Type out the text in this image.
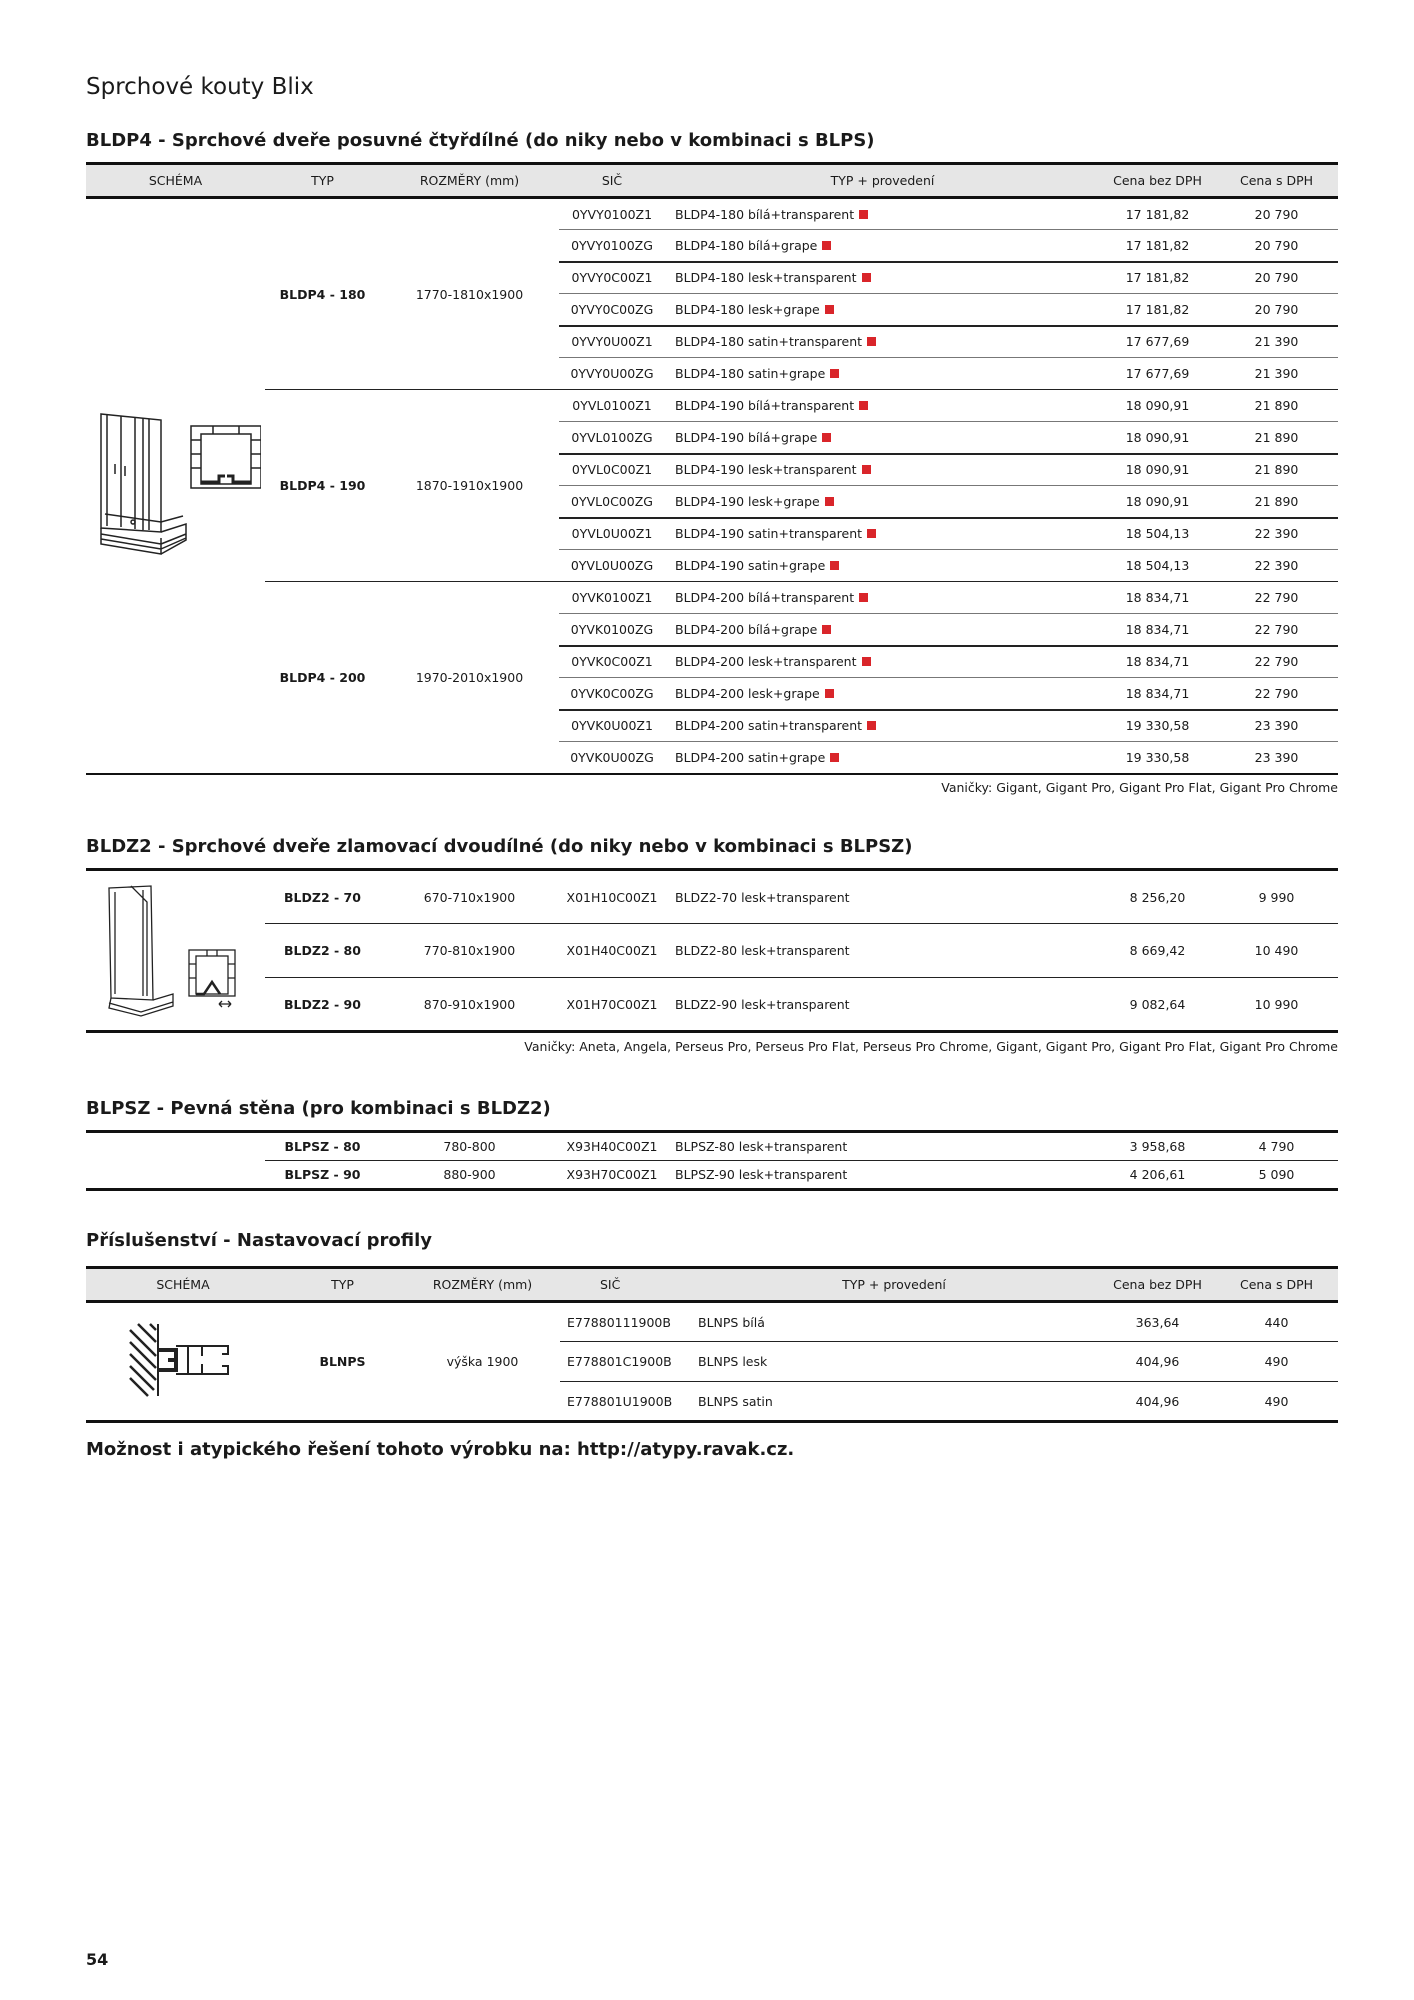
Sprchové kouty Blix
BLDP4 - Sprchové dveře posuvné čtyřdílné (do niky nebo v kombinaci s BLPS)
SCHÉMA	TYP	ROZMĚRY (mm)	SIČ	TYP + provedení	Cena bez DPH	Cena s DPH
	BLDP4 - 180	1770-1810x1900	0YVY0100Z1	BLDP4-180 bílá+transparent	17 181,82	20 790
			0YVY0100ZG	BLDP4-180 bílá+grape	17 181,82	20 790
			0YVY0C00Z1	BLDP4-180 lesk+transparent	17 181,82	20 790
			0YVY0C00ZG	BLDP4-180 lesk+grape	17 181,82	20 790
			0YVY0U00Z1	BLDP4-180 satin+transparent	17 677,69	21 390
			0YVY0U00ZG	BLDP4-180 satin+grape	17 677,69	21 390
	BLDP4 - 190	1870-1910x1900	0YVL0100Z1	BLDP4-190 bílá+transparent	18 090,91	21 890
			0YVL0100ZG	BLDP4-190 bílá+grape	18 090,91	21 890
			0YVL0C00Z1	BLDP4-190 lesk+transparent	18 090,91	21 890
			0YVL0C00ZG	BLDP4-190 lesk+grape	18 090,91	21 890
			0YVL0U00Z1	BLDP4-190 satin+transparent	18 504,13	22 390
			0YVL0U00ZG	BLDP4-190 satin+grape	18 504,13	22 390
	BLDP4 - 200	1970-2010x1900	0YVK0100Z1	BLDP4-200 bílá+transparent	18 834,71	22 790
			0YVK0100ZG	BLDP4-200 bílá+grape	18 834,71	22 790
			0YVK0C00Z1	BLDP4-200 lesk+transparent	18 834,71	22 790
			0YVK0C00ZG	BLDP4-200 lesk+grape	18 834,71	22 790
			0YVK0U00Z1	BLDP4-200 satin+transparent	19 330,58	23 390
			0YVK0U00ZG	BLDP4-200 satin+grape	19 330,58	23 390
Vaničky: Gigant, Gigant Pro, Gigant Pro Flat, Gigant Pro Chrome
BLDZ2 - Sprchové dveře zlamovací dvoudílné (do niky nebo v kombinaci s BLPSZ)
	BLDZ2 - 70	670-710x1900	X01H10C00Z1	BLDZ2-70 lesk+transparent	8 256,20	9 990
	BLDZ2 - 80	770-810x1900	X01H40C00Z1	BLDZ2-80 lesk+transparent	8 669,42	10 490
	BLDZ2 - 90	870-910x1900	X01H70C00Z1	BLDZ2-90 lesk+transparent	9 082,64	10 990
Vaničky: Aneta, Angela, Perseus Pro, Perseus Pro Flat, Perseus Pro Chrome, Gigant, Gigant Pro, Gigant Pro Flat, Gigant Pro Chrome
BLPSZ - Pevná stěna (pro kombinaci s BLDZ2)
	BLPSZ - 80	780-800	X93H40C00Z1	BLPSZ-80 lesk+transparent	3 958,68	4 790
	BLPSZ - 90	880-900	X93H70C00Z1	BLPSZ-90 lesk+transparent	4 206,61	5 090
Příslušenství - Nastavovací profily
SCHÉMA	TYP	ROZMĚRY (mm)	SIČ	TYP + provedení	Cena bez DPH	Cena s DPH
	BLNPS	výška 1900	E77880111900B	BLNPS bílá	363,64	440
			E778801C1900B	BLNPS lesk	404,96	490
			E778801U1900B	BLNPS satin	404,96	490
Možnost i atypického řešení tohoto výrobku na: http://atypy.ravak.cz.
54
